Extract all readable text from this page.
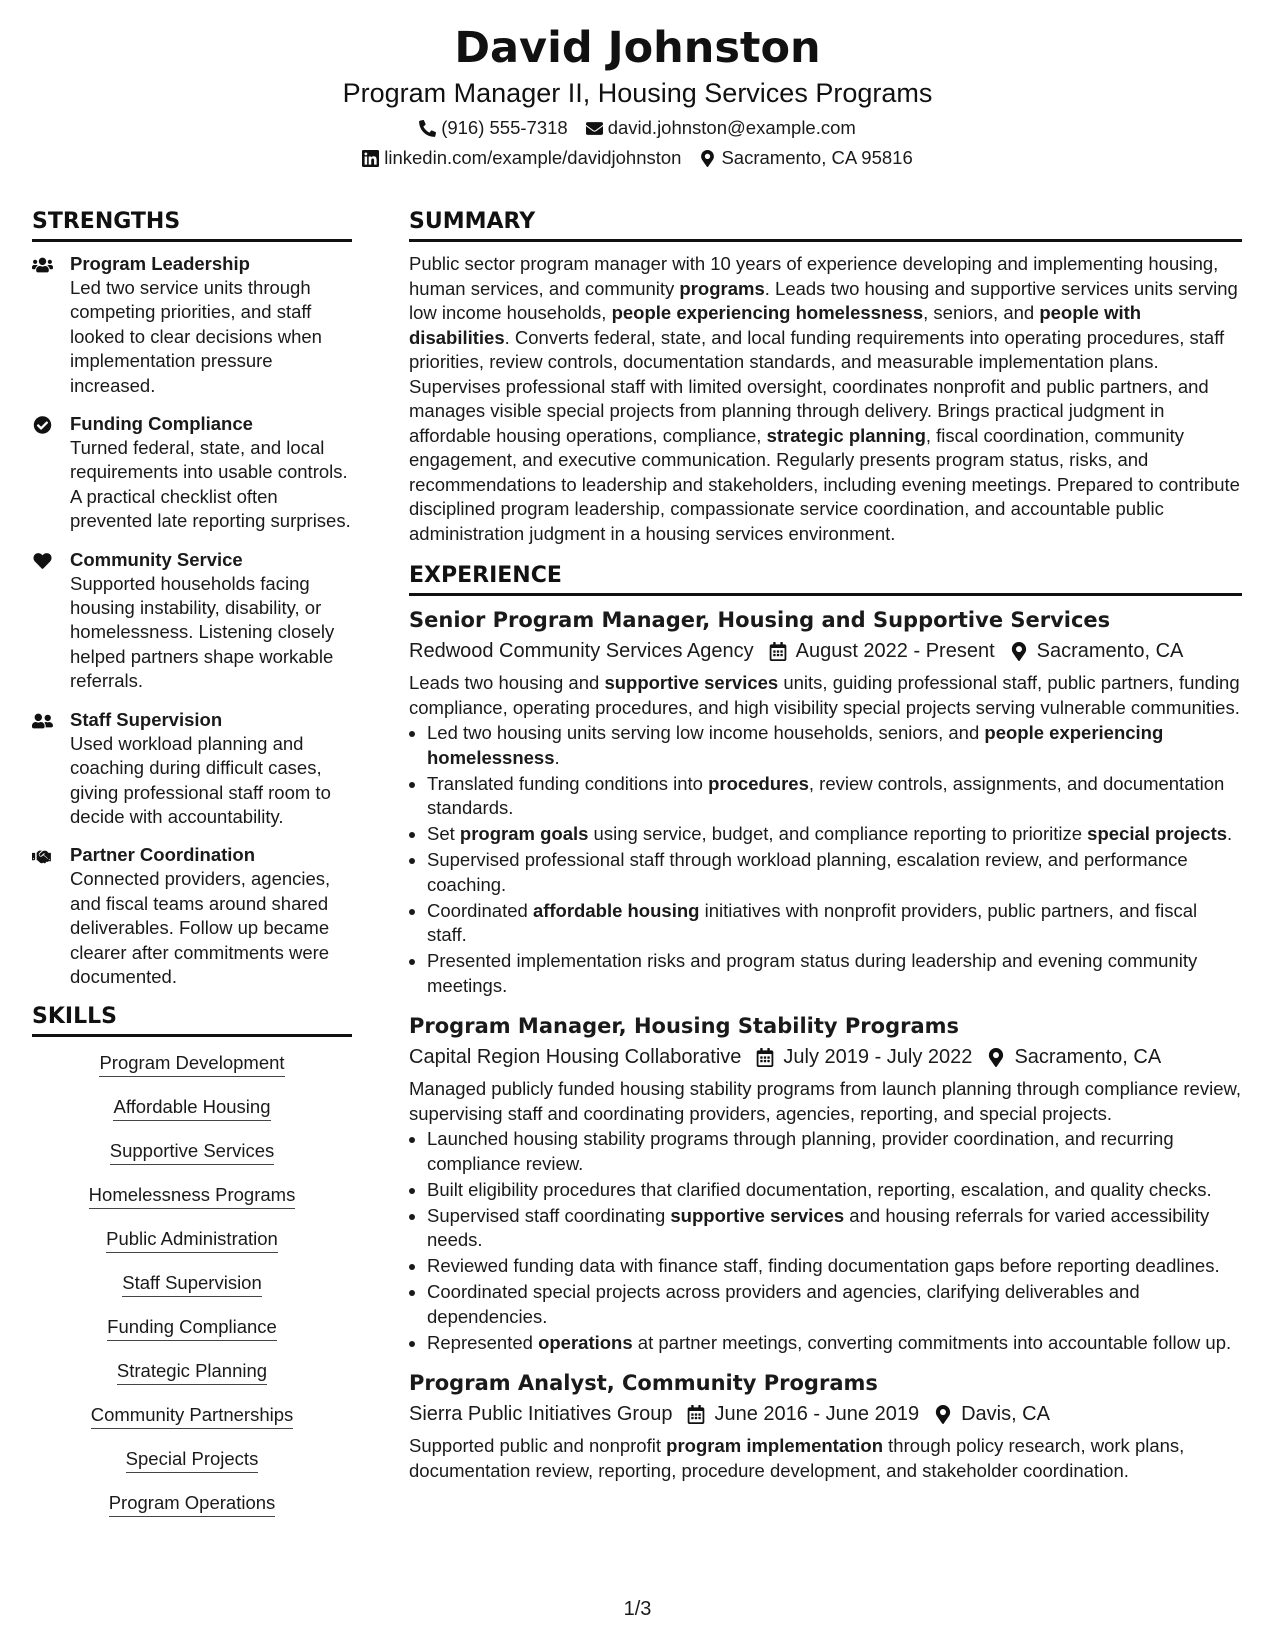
David Johnston
Program Manager II, Housing Services Programs
(916) 555-7318 david.johnston@example.com
linkedin.com/example/davidjohnston Sacramento, CA 95816
STRENGTHS
Program Leadership
Led two service units through competing priorities, and staff looked to clear decisions when implementation pressure increased.
Funding Compliance
Turned federal, state, and local requirements into usable controls. A practical checklist often prevented late reporting surprises.
Community Service
Supported households facing housing instability, disability, or homelessness. Listening closely helped partners shape workable referrals.
Staff Supervision
Used workload planning and coaching during difficult cases, giving professional staff room to decide with accountability.
Partner Coordination
Connected providers, agencies, and fiscal teams around shared deliverables. Follow up became clearer after commitments were documented.
SKILLS
Program Development
Affordable Housing
Supportive Services
Homelessness Programs
Public Administration
Staff Supervision
Funding Compliance
Strategic Planning
Community Partnerships
Special Projects
Program Operations
SUMMARY
Public sector program manager with 10 years of experience developing and implementing housing, human services, and community programs. Leads two housing and supportive services units serving low income households, people experiencing homelessness, seniors, and people with disabilities. Converts federal, state, and local funding requirements into operating procedures, staff priorities, review controls, documentation standards, and measurable implementation plans. Supervises professional staff with limited oversight, coordinates nonprofit and public partners, and manages visible special projects from planning through delivery. Brings practical judgment in affordable housing operations, compliance, strategic planning, fiscal coordination, community engagement, and executive communication. Regularly presents program status, risks, and recommendations to leadership and stakeholders, including evening meetings. Prepared to contribute disciplined program leadership, compassionate service coordination, and accountable public administration judgment in a housing services environment.
EXPERIENCE
Senior Program Manager, Housing and Supportive Services
Redwood Community Services Agency August 2022 - Present Sacramento, CA
Leads two housing and supportive services units, guiding professional staff, public partners, funding compliance, operating procedures, and high visibility special projects serving vulnerable communities.
• Led two housing units serving low income households, seniors, and people experiencing homelessness.
• Translated funding conditions into procedures, review controls, assignments, and documentation standards.
• Set program goals using service, budget, and compliance reporting to prioritize special projects.
• Supervised professional staff through workload planning, escalation review, and performance coaching.
• Coordinated affordable housing initiatives with nonprofit providers, public partners, and fiscal staff.
• Presented implementation risks and program status during leadership and evening community meetings.
Program Manager, Housing Stability Programs
Capital Region Housing Collaborative July 2019 - July 2022 Sacramento, CA
Managed publicly funded housing stability programs from launch planning through compliance review, supervising staff and coordinating providers, agencies, reporting, and special projects.
• Launched housing stability programs through planning, provider coordination, and recurring compliance review.
• Built eligibility procedures that clarified documentation, reporting, escalation, and quality checks.
• Supervised staff coordinating supportive services and housing referrals for varied accessibility needs.
• Reviewed funding data with finance staff, finding documentation gaps before reporting deadlines.
• Coordinated special projects across providers and agencies, clarifying deliverables and dependencies.
• Represented operations at partner meetings, converting commitments into accountable follow up.
Program Analyst, Community Programs
Sierra Public Initiatives Group June 2016 - June 2019 Davis, CA
Supported public and nonprofit program implementation through policy research, work plans, documentation review, reporting, procedure development, and stakeholder coordination.
1/3
